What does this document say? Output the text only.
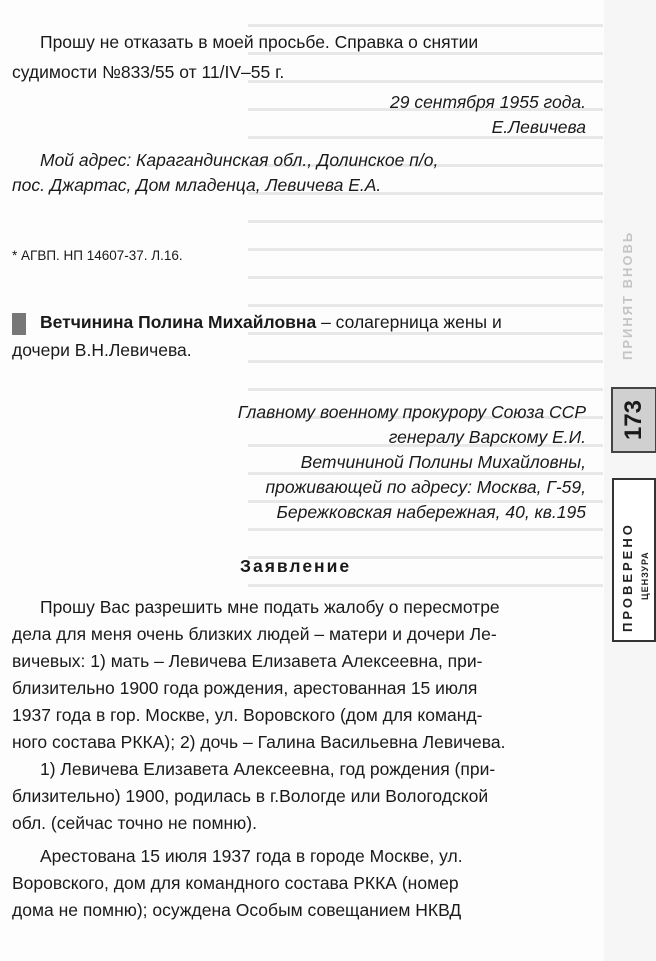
Прошу не отказать в моей просьбе. Справка о снятии
судимости №833/55 от 11/IV–55 г.
29 сентября 1955 года.
Е.Левичева
Мой адрес: Карагандинская обл., Долинское п/о,
пос. Джартас, Дом младенца, Левичева Е.А.
* АГВП. НП 14607-37. Л.16.
Ветчинина Полина Михайловна – солагерница жены и
дочери В.Н.Левичева.
Главному военному прокурору Союза ССР
генералу Варскому Е.И.
Ветчининой Полины Михайловны,
проживающей по адресу: Москва, Г-59,
Бережковская набережная, 40, кв.195
Заявление
Прошу Вас разрешить мне подать жалобу о пересмотре
дела для меня очень близких людей – матери и дочери Ле-
вичевых: 1) мать – Левичева Елизавета Алексеевна, при-
близительно 1900 года рождения, арестованная 15 июля
1937 года в гор. Москве, ул. Воровского (дом для команд-
ного состава РККА); 2) дочь – Галина Васильевна Левичева.
1) Левичева Елизавета Алексеевна, год рождения (при-
близительно) 1900, родилась в г.Вологде или Вологодской
обл. (сейчас точно не помню).
Арестована 15 июля 1937 года в городе Москве, ул.
Воровского, дом для командного состава РККА (номер
дома не помню); осуждена Особым совещанием НКВД
ПРИНЯТ ВНОВЬ
173
ПРОВЕРЕНО ЦЕНЗУРА
